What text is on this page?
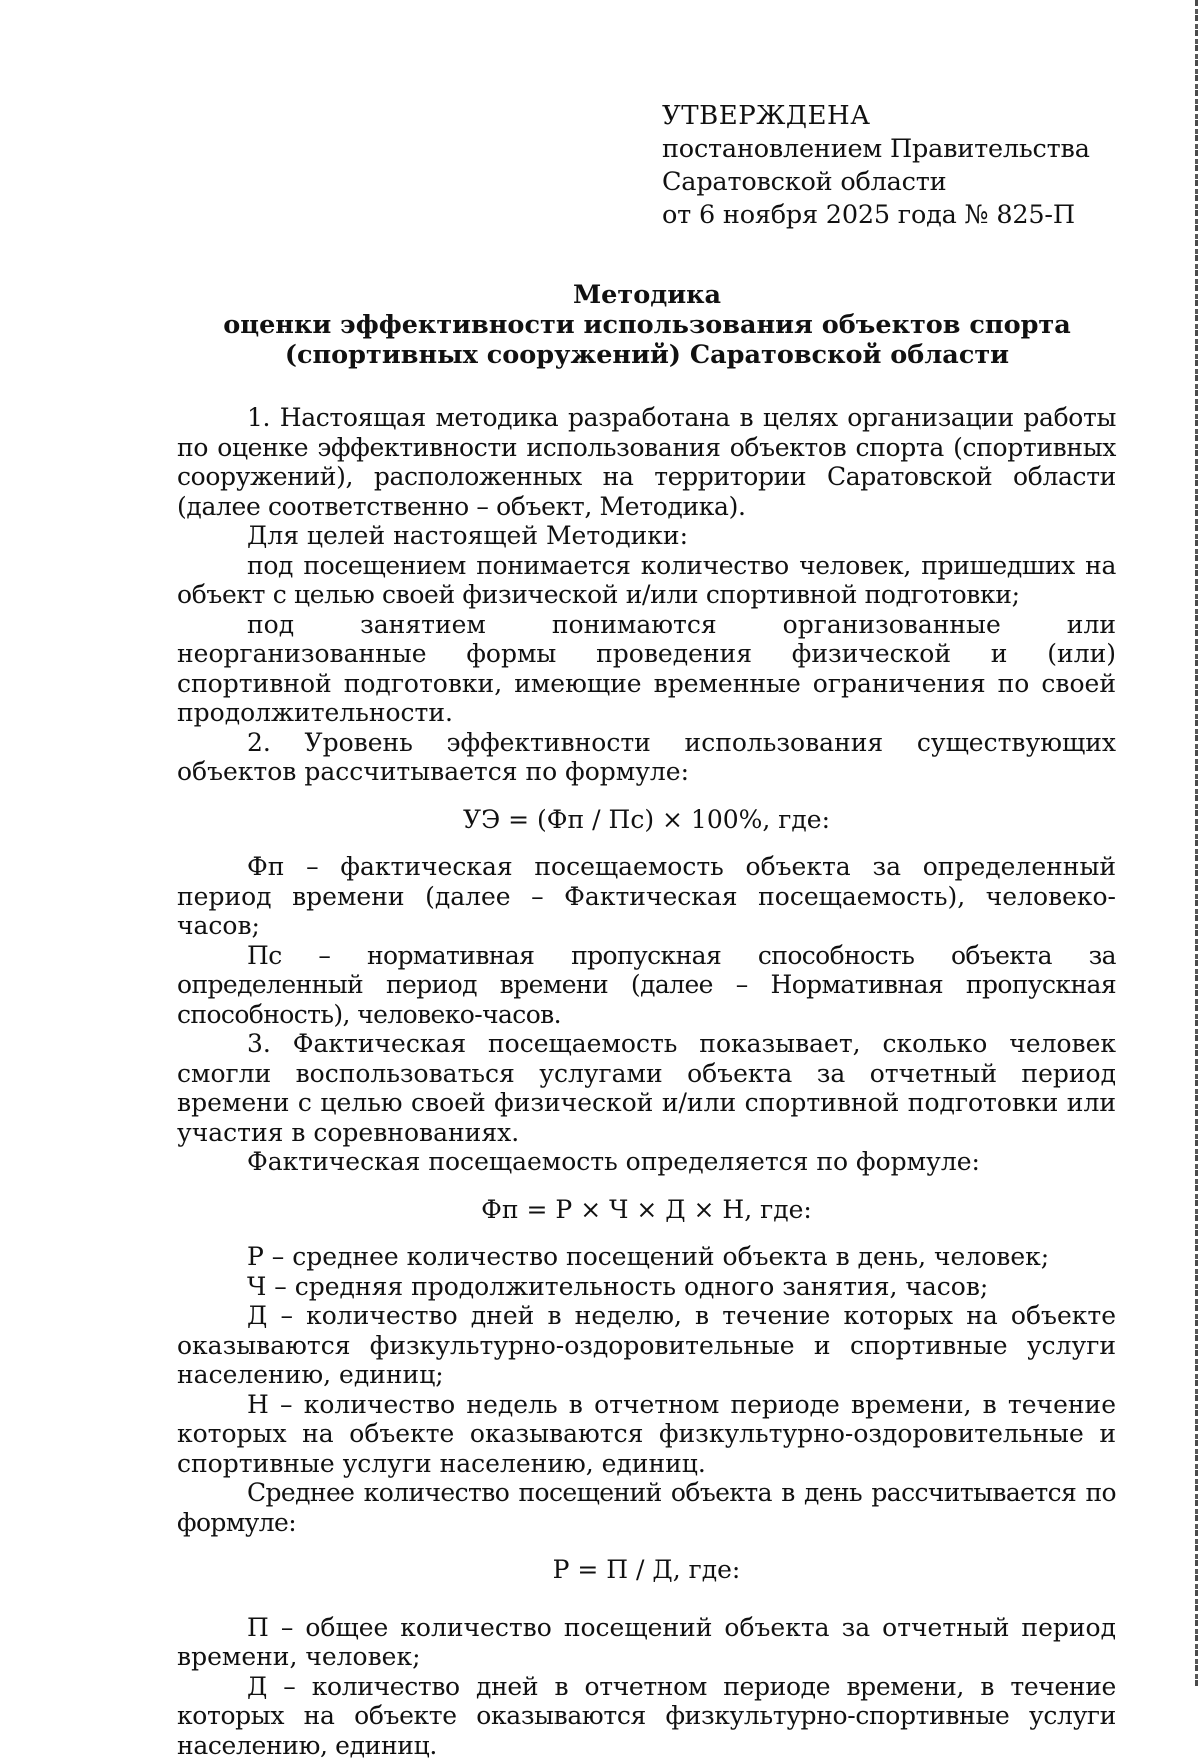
УТВЕРЖДЕНА
постановлением Правительства
Саратовской области
от 6 ноября 2025 года № 825-П
Методика
оценки эффективности использования объектов спорта
(спортивных сооружений) Саратовской области

1. Настоящая методика разработана в целях организации работы по оценке эффективности использования объектов спорта (спортивных сооружений), расположенных на территории Саратовской области (далее соответственно – объект, Методика).

Для целей настоящей Методики:

под посещением понимается количество человек, пришедших на объект с целью своей физической и/или спортивной подготовки;

под занятием понимаются организованные или неорганизованные формы проведения физической и (или) спортивной подготовки, имеющие временные ограничения по своей продолжительности.

2. Уровень эффективности использования существующих объектов рассчитывается по формуле:

УЭ = (Фп / Пс) × 100%, где:

Фп – фактическая посещаемость объекта за определенный период времени (далее – Фактическая посещаемость), человеко-часов;

Пс – нормативная пропускная способность объекта за определенный период времени (далее – Нормативная пропускная способность), человеко-часов.

3. Фактическая посещаемость показывает, сколько человек смогли воспользоваться услугами объекта за отчетный период времени с целью своей физической и/или спортивной подготовки или участия в соревнованиях.

Фактическая посещаемость определяется по формуле:

Фп = Р × Ч × Д × Н, где:

Р – среднее количество посещений объекта в день, человек;

Ч – средняя продолжительность одного занятия, часов;

Д – количество дней в неделю, в течение которых на объекте оказываются физкультурно-оздоровительные и спортивные услуги населению, единиц;

Н – количество недель в отчетном периоде времени, в течение которых на объекте оказываются физкультурно-оздоровительные и спортивные услуги населению, единиц.

Среднее количество посещений объекта в день рассчитывается по формуле:

Р = П / Д, где:

П – общее количество посещений объекта за отчетный период времени, человек;

Д – количество дней в отчетном периоде времени, в течение которых на объекте оказываются физкультурно-спортивные услуги населению, единиц.
